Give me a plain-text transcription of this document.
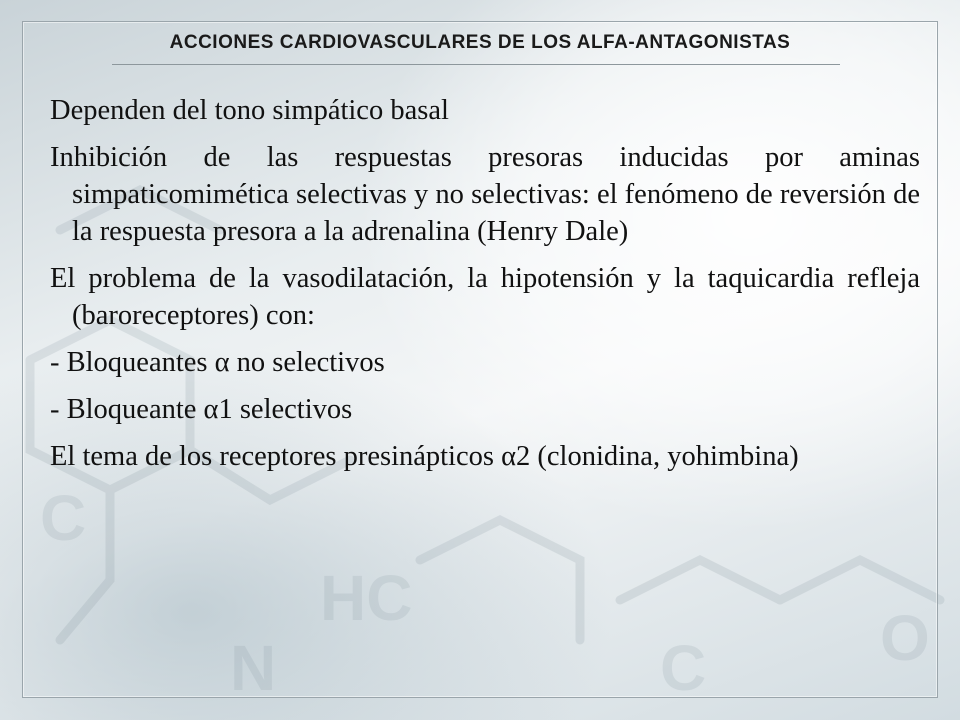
C
HC
N	C	O
ACCIONES CARDIOVASCULARES DE LOS ALFA-ANTAGONISTAS

Dependen del tono simpático basal

Inhibición de las respuestas presoras inducidas por aminas simpaticomimética selectivas y no selectivas: el fenómeno de reversión de la respuesta presora a la adrenalina (Henry Dale)

El problema de la vasodilatación, la hipotensión y la taquicardia refleja (baroreceptores) con:

- Bloqueantes α no selectivos

- Bloqueante α1 selectivos

El tema de los receptores presinápticos α2 (clonidina, yohimbina)
